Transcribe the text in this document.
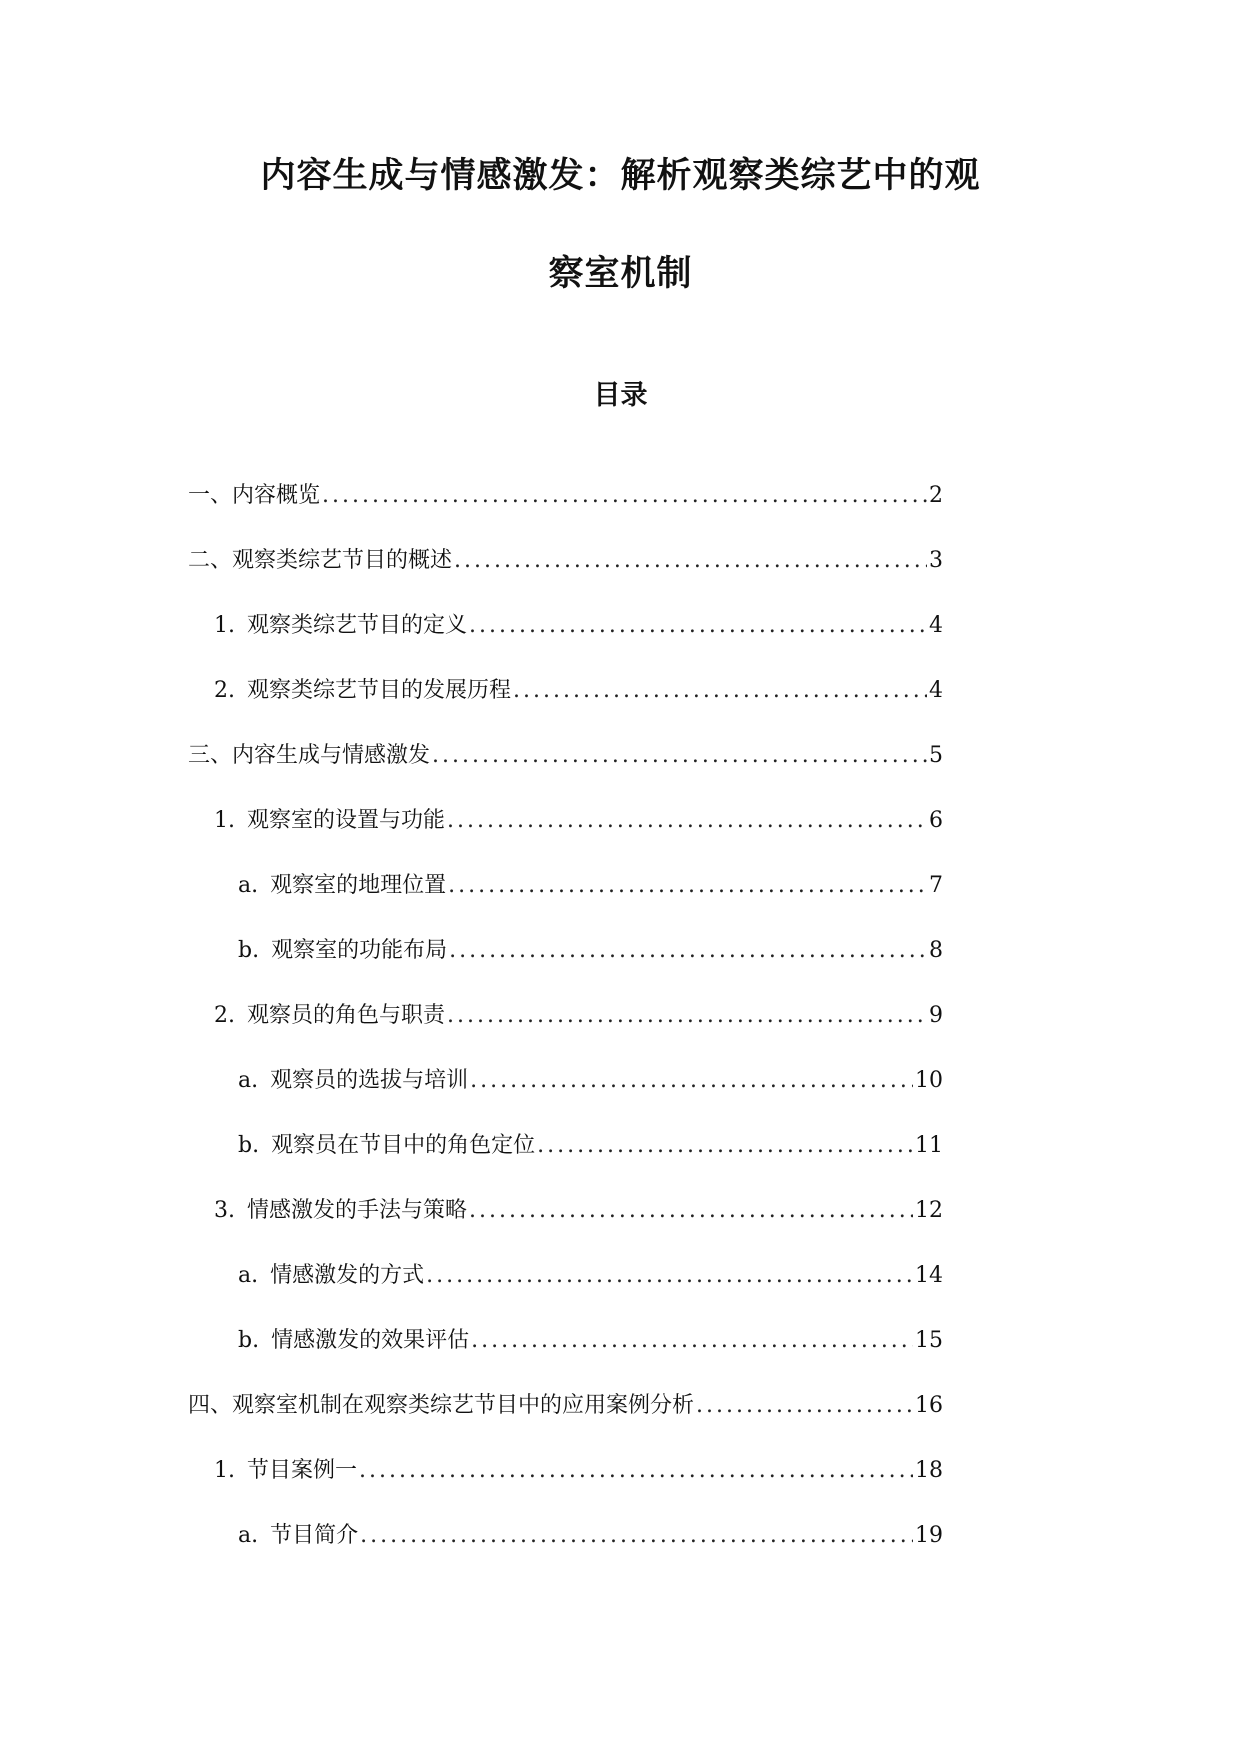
内容生成与情感激发：解析观察类综艺中的观
察室机制
目录
一、内容概览 .....	2
二、观察类综艺节目的概述 .....	3
1. 观察类综艺节目的定义 .....	4
2. 观察类综艺节目的发展历程 .....	4
三、内容生成与情感激发 .....	5
1. 观察室的设置与功能 .....	6
a. 观察室的地理位置 .....	7
b. 观察室的功能布局 .....	8
2. 观察员的角色与职责 .....	9
a. 观察员的选拔与培训 .....	10
b. 观察员在节目中的角色定位 .....	11
3. 情感激发的手法与策略 .....	12
a. 情感激发的方式 .....	14
b. 情感激发的效果评估 .....	15
四、观察室机制在观察类综艺节目中的应用案例分析 .....	16
1. 节目案例一 .....	18
a. 节目简介 .....	19
